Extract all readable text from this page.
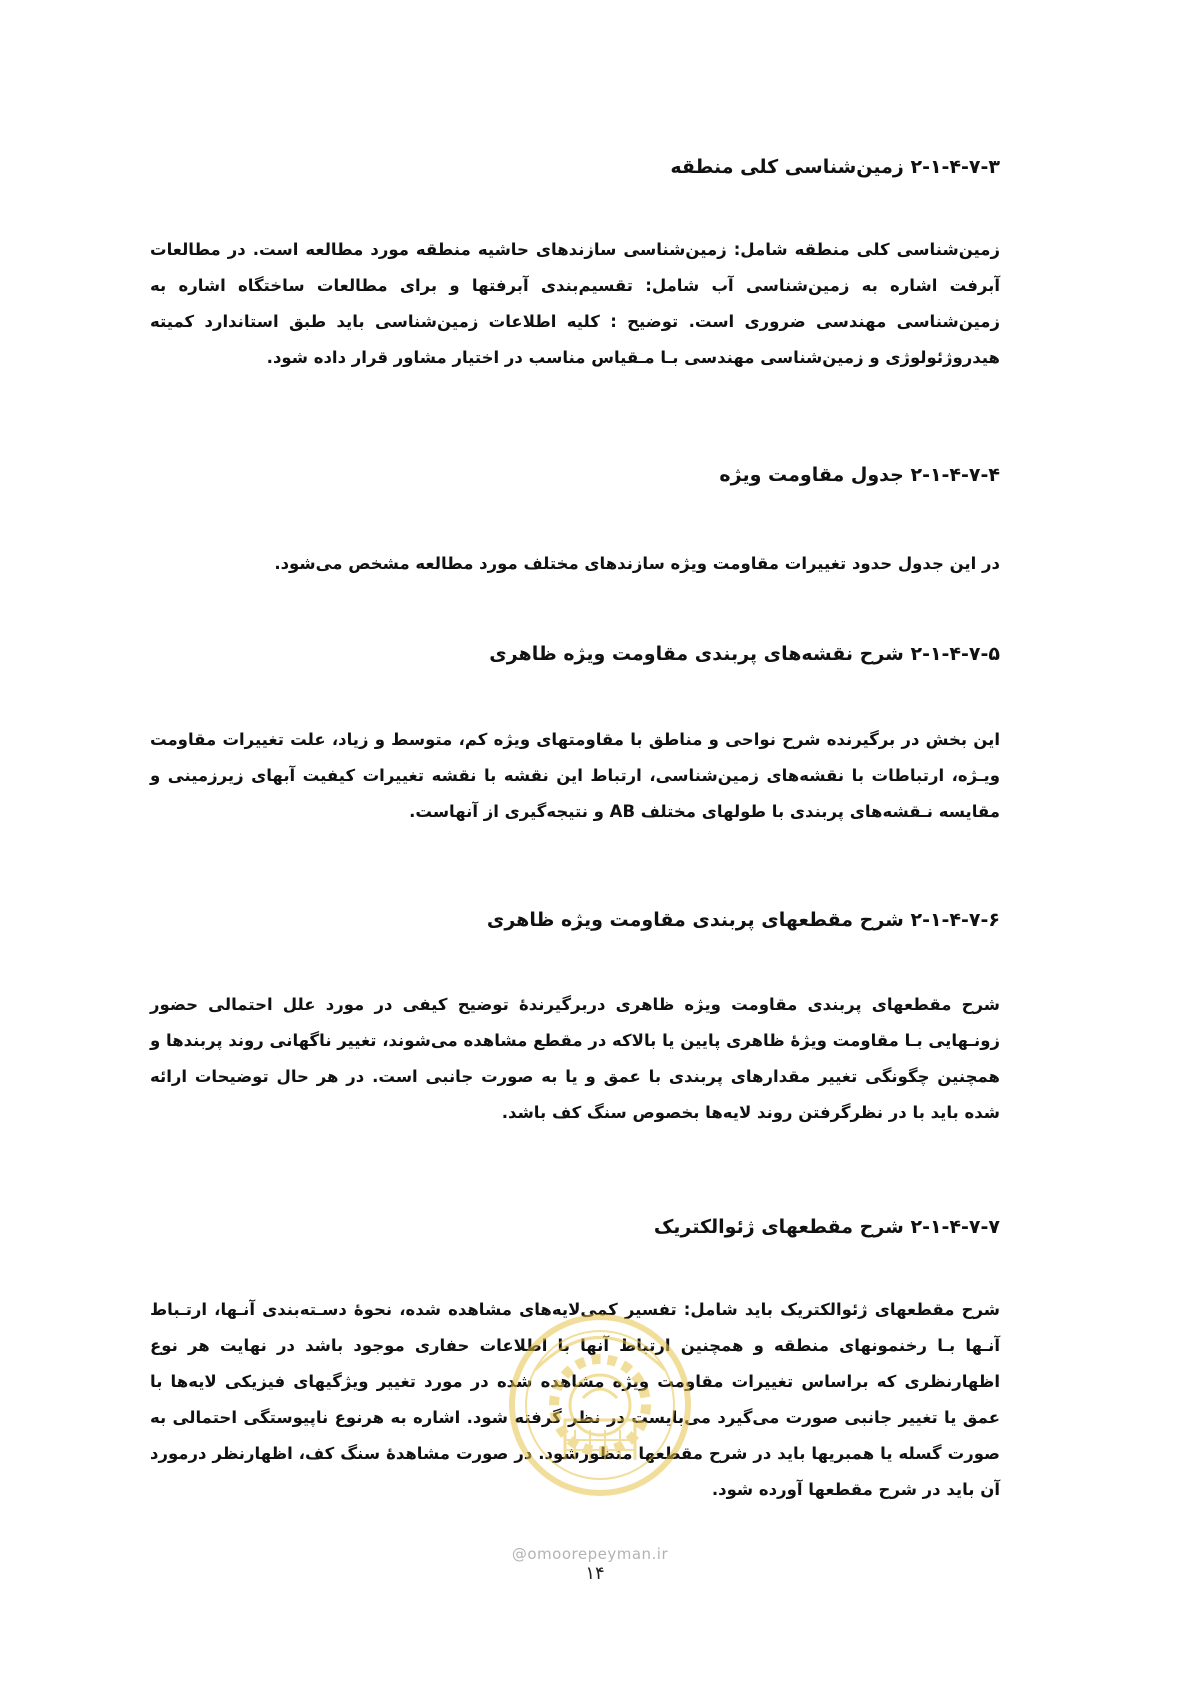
۲-۱-۴-۷-۳ زمین‌شناسی کلی منطقه

زمین‌شناسی کلی منطقه شامل: زمین‌شناسی سازندهای حاشیه منطقه مورد مطالعه است. در مطالعات آبرفت اشاره به زمین‌شناسی آب شامل: تقسیم‌بندی آبرفتها و برای مطالعات ساختگاه اشاره به زمین‌شناسی مهندسی ضروری است. توضیح : کلیه اطلاعات زمین‌شناسی باید طبق استاندارد کمیته هیدروژئولوژی و زمین‌شناسی مهندسی بـا مـقیاس مناسب در اختیار مشاور قرار داده شود.

۲-۱-۴-۷-۴ جدول مقاومت ویژه

در این جدول حدود تغییرات مقاومت ویژه سازندهای مختلف مورد مطالعه مشخص می‌شود.

۲-۱-۴-۷-۵ شرح نقشه‌های پربندی مقاومت ویژه ظاهری

این بخش در برگیرنده شرح نواحی و مناطق با مقاومتهای ویژه کم، متوسط و زیاد، علت تغییرات مقاومت ویـژه، ارتباطات با نقشه‌های زمین‌شناسی، ارتباط این نقشه با نقشه تغییرات کیفیت آبهای زیرزمینی و مقایسه نـقشه‌های پربندی با طولهای مختلف AB و نتیجه‌گیری از آنهاست.

۲-۱-۴-۷-۶ شرح مقطعهای پربندی مقاومت ویژه ظاهری

شرح مقطعهای پربندی مقاومت ویژه ظاهری دربرگیرندهٔ توضیح کیفی در مورد علل احتمالی حضور زونـهایی بـا مقاومت ویژهٔ ظاهری پایین یا بالاکه در مقطع مشاهده می‌شوند، تغییر ناگهانی روند پربندها و همچنین چگونگی تغییر مقدارهای پربندی با عمق و یا به صورت جانبی است. در هر حال توضیحات ارائه شده باید با در نظرگرفتن روند لایه‌ها بخصوص سنگ کف باشد.

۲-۱-۴-۷-۷ شرح مقطعهای ژئوالکتریک

شرح مقطعهای ژئوالکتریک باید شامل: تفسیر کمی‌لایه‌های مشاهده شده، نحوهٔ دسـته‌بندی آنـها، ارتـباط آنـها بـا رخنمونهای منطقه و همچنین ارتباط آنها با اطلاعات حفاری موجود باشد در نهایت هر نوع اظهارنظری که براساس تغییرات مقاومت ویژه مشاهده شده در مورد تغییر ویژگیهای فیزیکی لایه‌ها با عمق یا تغییر جانبی صورت می‌گیرد می‌بایست در نظر گرفته شود. اشاره به هرنوع ناپیوستگی احتمالی به صورت گسله یا همبریها باید در شرح مقطعها منظورشود. در صورت مشاهدهٔ سنگ کف، اظهارنظر درمورد آن باید در شرح مقطعها آورده شود.

@omoorepeyman.ir
۱۴
